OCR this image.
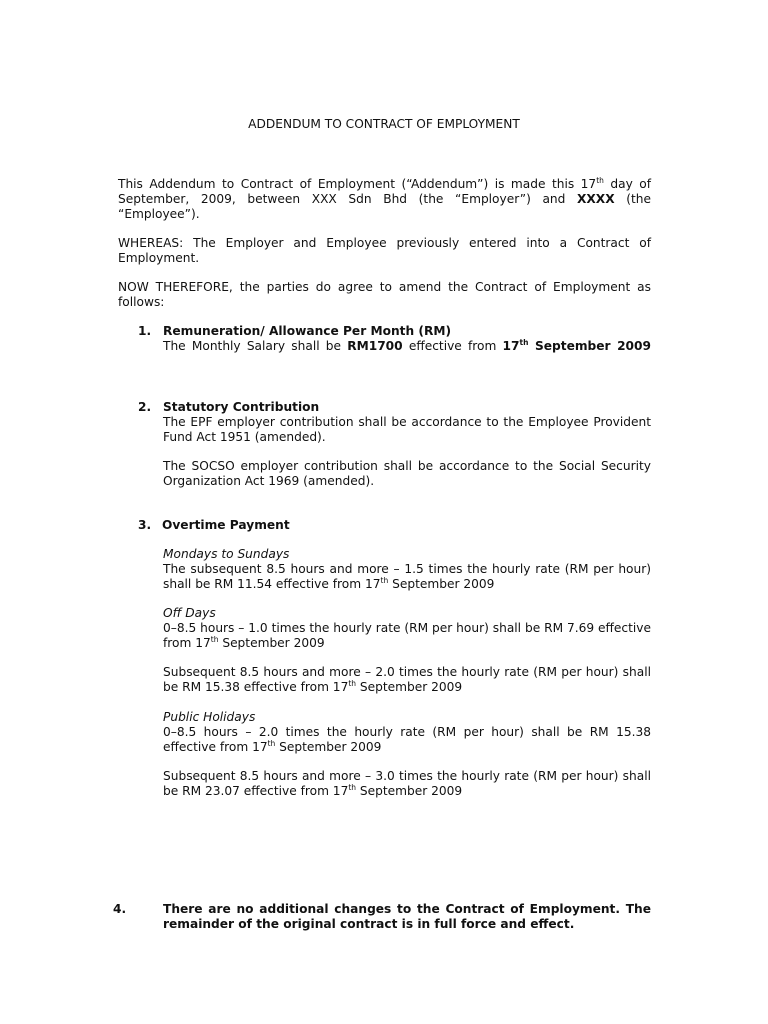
ADDENDUM TO CONTRACT OF EMPLOYMENT
This Addendum to Contract of Employment (“Addendum”) is made this 17th day of September, 2009, between XXX Sdn Bhd (the “Employer”) and XXXX (the “Employee”).
WHEREAS: The Employer and Employee previously entered into a Contract of Employment.
NOW THEREFORE, the parties do agree to amend the Contract of Employment as follows:
1. Remuneration/ Allowance Per Month (RM)
The Monthly Salary shall be RM1700 effective from 17th September 2009
2. Statutory Contribution
The EPF employer contribution shall be accordance to the Employee Provident Fund Act 1951 (amended).
The SOCSO employer contribution shall be accordance to the Social Security Organization Act 1969 (amended).
3. Overtime Payment
Mondays to Sundays
The subsequent 8.5 hours and more – 1.5 times the hourly rate (RM per hour) shall be RM 11.54 effective from 17th September 2009
Off Days
0–8.5 hours – 1.0 times the hourly rate (RM per hour) shall be RM 7.69 effective from 17th September 2009
Subsequent 8.5 hours and more – 2.0 times the hourly rate (RM per hour) shall be RM 15.38 effective from 17th September 2009
Public Holidays
0–8.5 hours – 2.0 times the hourly rate (RM per hour) shall be RM 15.38 effective from 17th September 2009
Subsequent 8.5 hours and more – 3.0 times the hourly rate (RM per hour) shall be RM 23.07 effective from 17th September 2009
4.	There are no additional changes to the Contract of Employment. The remainder of the original contract is in full force and effect.
